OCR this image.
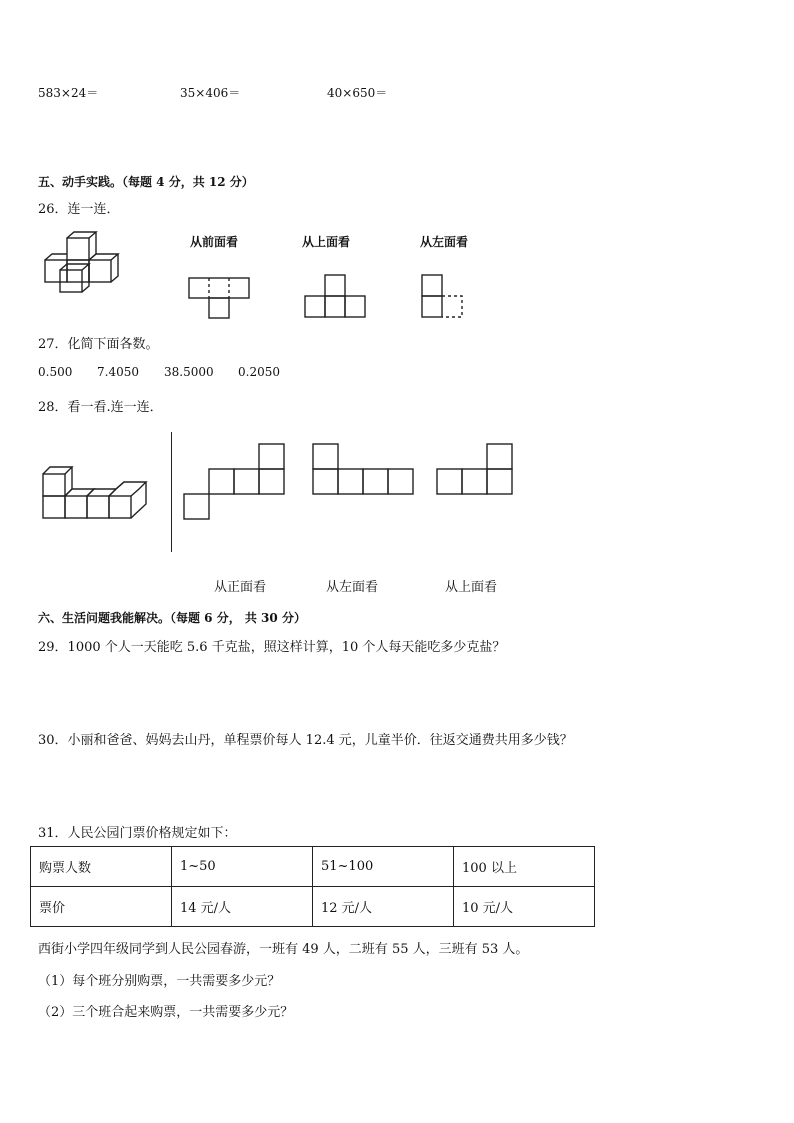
583×24＝	35×406＝	40×650＝
五、动手实践。（每题 4 分，共 12 分）
26．连一连．
从前面看	从上面看	从左面看
27．化简下面各数。
0.500 7.4050 38.5000 0.2050
28．看一看.连一连．
从正面看	从左面看	从上面看
六、生活问题我能解决。（每题 6 分， 共 30 分）
29．1000 个人一天能吃 5.6 千克盐，照这样计算，10 个人每天能吃多少克盐？
30．小丽和爸爸、妈妈去山丹，单程票价每人 12.4 元，儿童半价．往返交通费共用多少钱？
31．人民公园门票价格规定如下：
购票人数	1~50	51~100	100 以上
票价	14 元/人	12 元/人	10 元/人
西街小学四年级同学到人民公园春游，一班有 49 人，二班有 55 人，三班有 53 人。
（1）每个班分别购票，一共需要多少元？
（2）三个班合起来购票，一共需要多少元？
